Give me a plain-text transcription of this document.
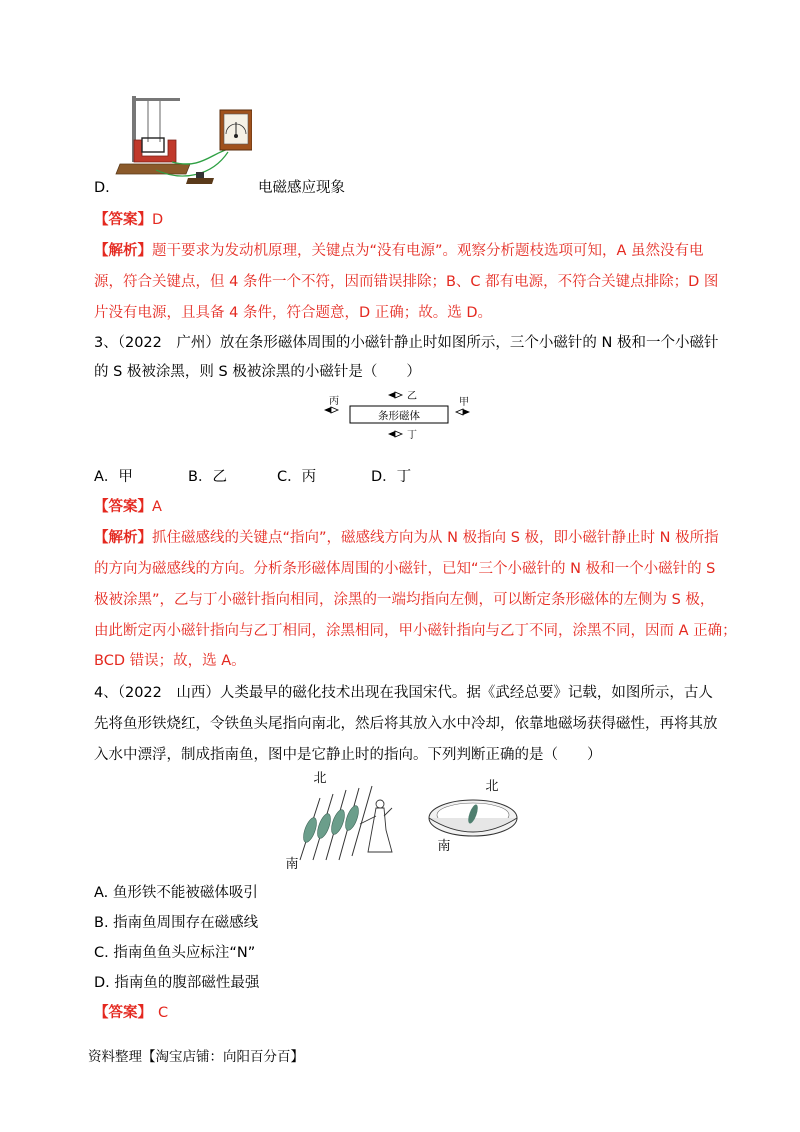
D.	电磁感应现象
【答案】D
【解析】题干要求为发动机原理，关键点为“没有电源”。观察分析题枝选项可知，A 虽然没有电
源，符合关键点，但 4 条件一个不符，因而错误排除；B、C 都有电源，不符合关键点排除；D 图
片没有电源，且具备 4 条件，符合题意，D 正确；故。选 D。
3、（2022　广州）放在条形磁体周围的小磁针静止时如图所示，三个小磁针的 N 极和一个小磁针
的 S 极被涂黑，则 S 极被涂黑的小磁针是（　　）
条形磁体
丙	乙
甲
丁
A．甲	B．乙	C．丙	D．丁
【答案】A
【解析】抓住磁感线的关键点“指向”，磁感线方向为从 N 极指向 S 极，即小磁针静止时 N 极所指
的方向为磁感线的方向。分析条形磁体周围的小磁针，已知“三个小磁针的 N 极和一个小磁针的 S
极被涂黑”，乙与丁小磁针指向相同，涂黑的一端均指向左侧，可以断定条形磁体的左侧为 S 极，
由此断定丙小磁针指向与乙丁相同，涂黑相同，甲小磁针指向与乙丁不同，涂黑不同，因而 A 正确；
BCD 错误；故，选 A。
4、（2022　山西）人类最早的磁化技术出现在我国宋代。据《武经总要》记载，如图所示，古人
先将鱼形铁烧红，令铁鱼头尾指向南北，然后将其放入水中冷却，依靠地磁场获得磁性，再将其放
入水中漂浮，制成指南鱼，图中是它静止时的指向。下列判断正确的是（　　）
北
南
北
南
A. 鱼形铁不能被磁体吸引
B. 指南鱼周围存在磁感线
C. 指南鱼鱼头应标注“N”
D. 指南鱼的腹部磁性最强
【答案】 C
资料整理【淘宝店铺：向阳百分百】
